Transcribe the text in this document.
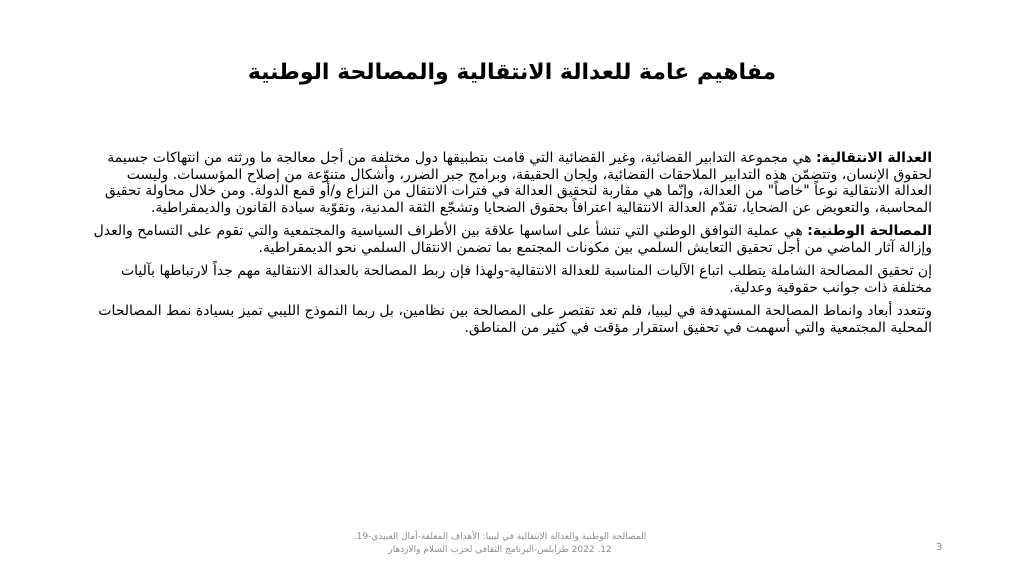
مفاهيم عامة للعدالة الانتقالية والمصالحة الوطنية

العدالة الانتقالية: هي مجموعة التدابير القضائية، وغير القضائية التي قامت بتطبيقها دول مختلفة من أجل معالجة ما ورثته من انتهاكات جسيمة لحقوق الإنسان، وتتضمّن هذه التدابير الملاحقات القضائية، ولِجان الحقيقة، وبرامج جبر الضرر، وأشكال متنوّعة من إصلاح المؤسسات. وليست العدالة الانتقالية نوعاً "خاصاً" من العدالة، وإنّما هي مقاربة لتحقيق العدالة في فترات الانتقال من النزاع و/أو قمع الدولة. ومن خلال محاولة تحقيق المحاسبة، والتعويض عن الضحايا، تقدّم العدالة الانتقالية اعترافاً بحقوق الضحايا وتشجّع الثقة المدنية، وتقوّية سيادة القانون والديمقراطية.

المصالحة الوطنية: هي عملية التوافق الوطني التي تنشأ على اساسها علاقة بين الأطراف السياسية والمجتمعية والتي تقوم على التسامح والعدل وإزالة آثار الماضي من أجل تحقيق التعايش السلمي بين مكونات المجتمع بما تضمن الانتقال السلمي نحو الديمقراطية.

إن تحقيق المصالحة الشاملة يتطلب اتباع الآليات المناسبة للعدالة الانتقالية-ولهذا فإن ربط المصالحة بالعدالة الانتقالية مهم جداً لارتباطها بآليات مختلفة ذات جوانب حقوقية وعدلية.

وتتعدد أبعاد وانماط المصالحة المستهدفة في ليبيا، فلم تعد تقتصر على المصالحة بين نظامين، بل ربما النموذج الليبي تميز بسيادة نمط المصالحات المحلية المجتمعية والتي أسهمت في تحقيق استقرار مؤقت في كثير من المناطق.

المصالحة الوطنية والعدالة الانتقالية في ليبيا: الأهداف المعلقة-أمال العبيدي-19.
12. 2022 طرابلس-البرنامج الثقافي لحزب السلام والازدهار	3
